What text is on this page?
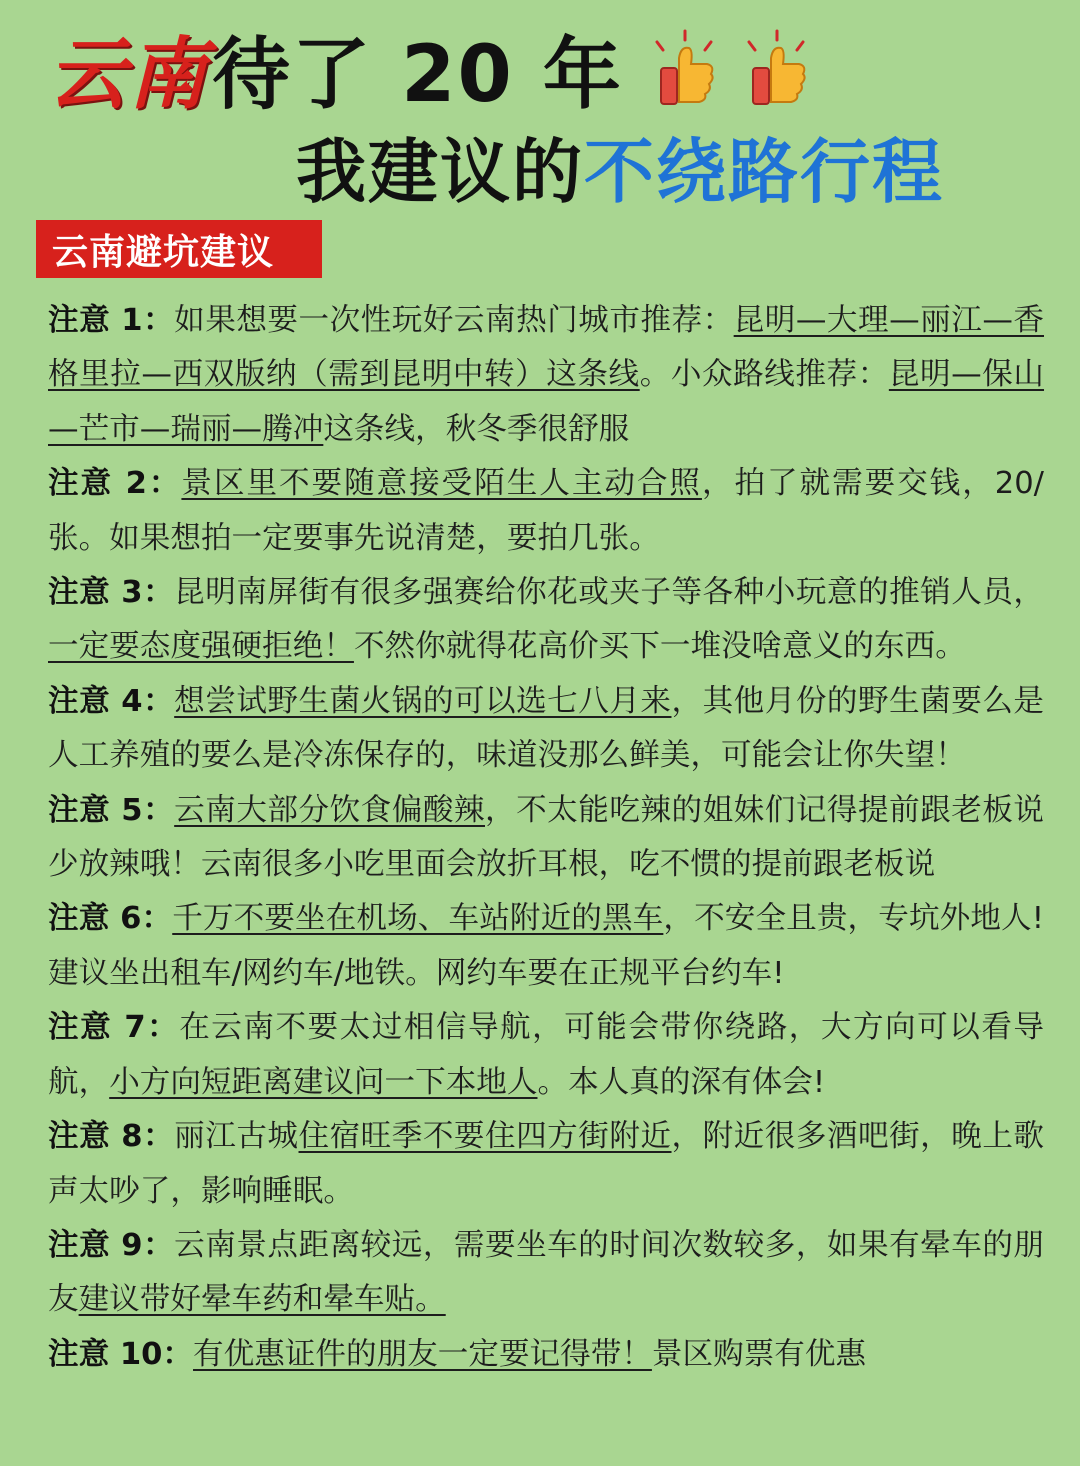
云南 待了 20 年
我建议的 不绕路行程
云南避坑建议

注意 1：如果想要一次性玩好云南热门城市推荐：昆明—大理—丽江—香格里拉—西双版纳（需到昆明中转）这条线。小众路线推荐：昆明—保山—芒市—瑞丽—腾冲这条线，秋冬季很舒服

注意 2：景区里不要随意接受陌生人主动合照，拍了就需要交钱，20/张。如果想拍一定要事先说清楚，要拍几张。

注意 3：昆明南屏街有很多强赛给你花或夹子等各种小玩意的推销人员，一定要态度强硬拒绝！不然你就得花高价买下一堆没啥意义的东西。

注意 4：想尝试野生菌火锅的可以选七八月来，其他月份的野生菌要么是人工养殖的要么是冷冻保存的，味道没那么鲜美，可能会让你失望！

注意 5：云南大部分饮食偏酸辣，不太能吃辣的姐妹们记得提前跟老板说少放辣哦！云南很多小吃里面会放折耳根，吃不惯的提前跟老板说

注意 6：千万不要坐在机场、车站附近的黑车，不安全且贵，专坑外地人!建议坐出租车/网约车/地铁。网约车要在正规平台约车!

注意 7：在云南不要太过相信导航，可能会带你绕路，大方向可以看导航，小方向短距离建议问一下本地人。本人真的深有体会!

注意 8：丽江古城住宿旺季不要住四方街附近，附近很多酒吧街，晚上歌声太吵了，影响睡眠。

注意 9：云南景点距离较远，需要坐车的时间次数较多，如果有晕车的朋友建议带好晕车药和晕车贴。

注意 10：有优惠证件的朋友一定要记得带！景区购票有优惠
